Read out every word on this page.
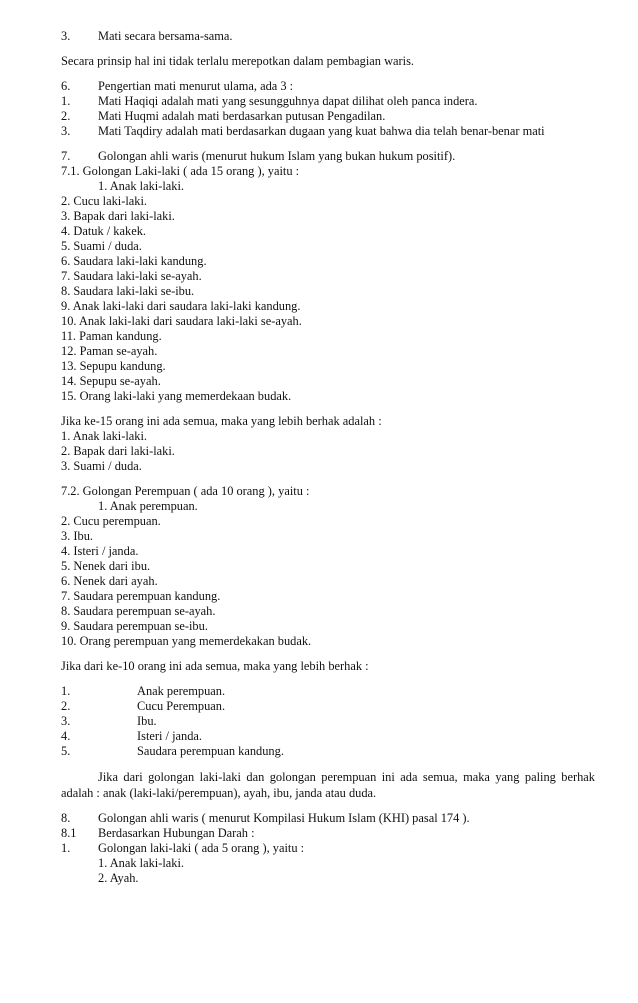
3. Mati secara bersama-sama.
Secara prinsip hal ini tidak terlalu merepotkan dalam pembagian waris.
6. Pengertian mati menurut ulama, ada 3 :
1. Mati Haqiqi adalah mati yang sesungguhnya dapat dilihat oleh panca indera.
2. Mati Huqmi adalah mati berdasarkan putusan Pengadilan.
3. Mati Taqdiry adalah mati berdasarkan dugaan yang kuat bahwa dia telah benar-benar mati
7. Golongan ahli waris (menurut hukum Islam yang bukan hukum positif).
7.1. Golongan Laki-laki ( ada 15 orang ), yaitu :
1. Anak laki-laki.
2. Cucu laki-laki.
3. Bapak dari laki-laki.
4. Datuk / kakek.
5. Suami / duda.
6. Saudara laki-laki kandung.
7. Saudara laki-laki se-ayah.
8. Saudara laki-laki se-ibu.
9. Anak laki-laki dari saudara laki-laki kandung.
10. Anak laki-laki dari saudara laki-laki se-ayah.
11. Paman kandung.
12. Paman se-ayah.
13. Sepupu kandung.
14. Sepupu se-ayah.
15. Orang laki-laki yang memerdekaan budak.
Jika ke-15 orang ini ada semua, maka yang lebih berhak adalah :
1. Anak laki-laki.
2. Bapak dari laki-laki.
3. Suami / duda.
7.2. Golongan Perempuan ( ada 10 orang ), yaitu :
1. Anak perempuan.
2. Cucu perempuan.
3. Ibu.
4. Isteri / janda.
5. Nenek dari ibu.
6. Nenek dari ayah.
7. Saudara perempuan kandung.
8. Saudara perempuan se-ayah.
9. Saudara perempuan se-ibu.
10. Orang perempuan yang memerdekakan budak.
Jika dari ke-10 orang ini ada semua, maka yang lebih berhak :
1.	Anak perempuan.
2.	Cucu Perempuan.
3.	Ibu.
4.	Isteri / janda.
5.	Saudara perempuan kandung.
Jika dari golongan laki-laki dan golongan perempuan ini ada semua, maka yang paling berhak adalah : anak (laki-laki/perempuan), ayah, ibu, janda atau duda.
8. Golongan ahli waris ( menurut Kompilasi Hukum Islam (KHI) pasal 174 ).
8.1 Berdasarkan Hubungan Darah :
1. Golongan laki-laki ( ada 5 orang ), yaitu :
1. Anak laki-laki.
2. Ayah.
